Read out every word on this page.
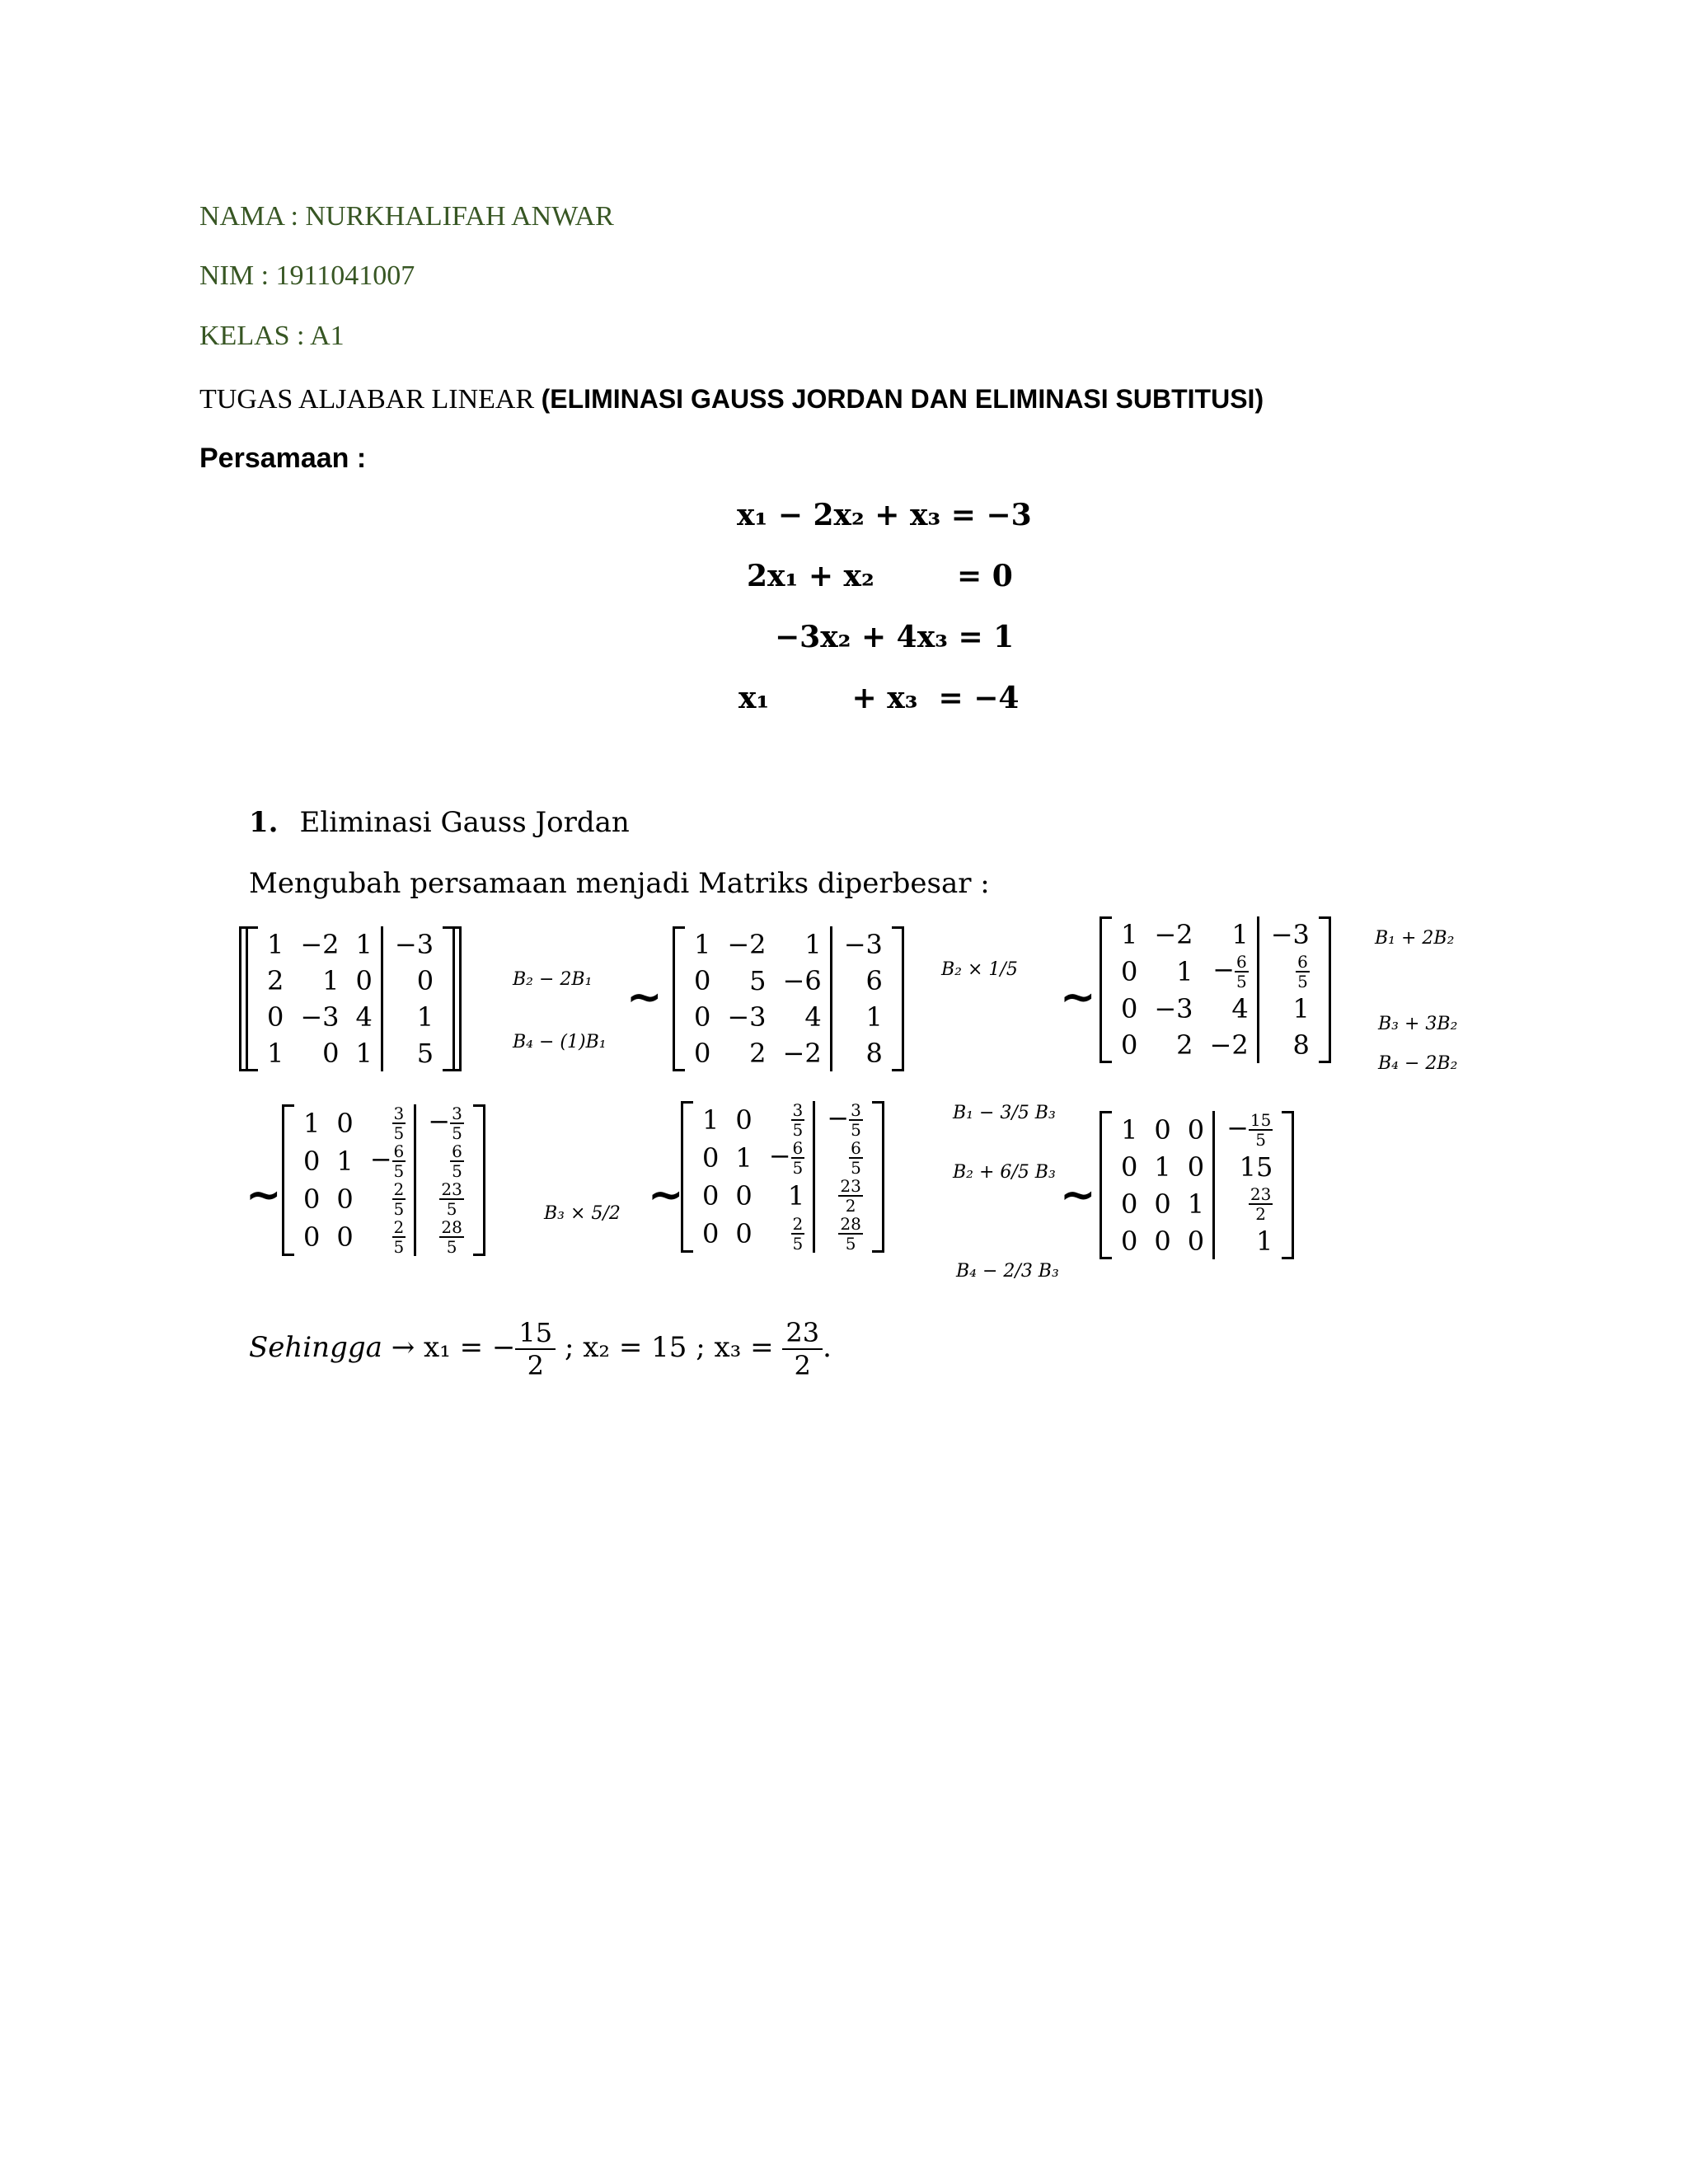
NAMA : NURKHALIFAH ANWAR
NIM : 1911041007
KELAS : A1
TUGAS ALJABAR LINEAR (ELIMINASI GAUSS JORDAN DAN ELIMINASI SUBTITUSI)
Persamaan :
x₁ − 2x₂ + x₃ = −3
2x₁ + x₂        = 0
−3x₂ + 4x₃ = 1
x₁        + x₃  = −4
1. Eliminasi Gauss Jordan
Mengubah persamaan menjadi Matriks diperbesar :
1	−2	1	−3
2	1	0	0
0	−3	4	1
1	0	1	5
B₂ − 2B₁
B₄ − (1)B₁
~
1	−2	1	−3
0	5	−6	6
0	−3	4	1
0	2	−2	8
B₂ × 1/5
~
1	−2	1	−3
0	1	− $\frac{6}{5}$	$\frac{6}{5}$

0	−3	4	1
0	2	−2	8
B₁ + 2B₂
B₃ + 3B₂
B₄ − 2B₂
~
1	0	$\frac{3}{5}$	− $\frac{3}{5}$

0	1	− $\frac{6}{5}$	$\frac{6}{5}$

0	0	$\frac{2}{5}$	$\frac{23}{5}$

0	0	$\frac{2}{5}$	$\frac{28}{5}$
B₃ × 5/2 ~
1	0	$\frac{3}{5}$	− $\frac{3}{5}$

0	1	− $\frac{6}{5}$	$\frac{6}{5}$

0	0	1	$\frac{23}{2}$

0	0	$\frac{2}{5}$	$\frac{28}{5}$
B₁ − 3/5 B₃
B₂ + 6/5 B₃
B₄ − 2/3 B₃
~
1	0	0	− $\frac{15}{5}$

0	1	0	15
0	0	1	$\frac{23}{2}$

0	0	0	1
Sehingga → x₁ = − $\frac{15}{2}$ ; x₂ = 15 ; $x_3 = \frac{23}{2}$ .
